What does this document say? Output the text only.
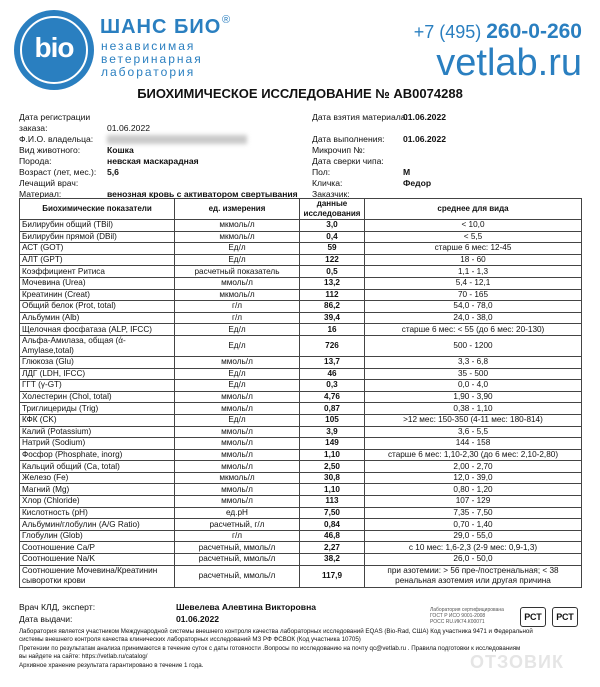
bio
ШАНС БИО ®
независимая
ветеринарная
лаборатория
+7 (495) 260-0-260
vetlab.ru
БИОХИМИЧЕСКОЕ ИССЛЕДОВАНИЕ № АВ0074288
Дата регистрации
заказа:	01.06.2022
Ф.И.О. владельца:
Вид животного:	Кошка
Порода:	невская маскарадная
Возраст (лет, мес.): 5,6
Лечащий врач:
Материал:	венозная кровь с активатором свертывания
Дата взятия материала:
01.06.2022
Дата выполнения: 01.06.2022
Микрочип №:
Дата сверки чипа:
Пол:	М
Кличка:	Федор
Заказчик:
Биохимические показатели	ед. измерения	данные исследования	среднее для вида
Билирубин общий (TBil)	мкмоль/л	3,0	< 10,0
Билирубин прямой (DBil)	мкмоль/л	0,4	< 5,5
АСТ (GOT)	Ед/л	59	старше 6 мес: 12-45
АЛТ (GPT)	Ед/л	122	18 - 60
Коэффициент Ритиса	расчетный показатель	0,5	1,1 - 1,3
Мочевина (Urea)	ммоль/л	13,2	5,4 - 12,1
Креатинин (Creat)	мкмоль/л	112	70 - 165
Общий белок (Prot, total)	г/л	86,2	54,0 - 78,0
Альбумин (Alb)	г/л	39,4	24,0 - 38,0
Щелочная фосфатаза (ALP, IFCC)	Ед/л	16	старше 6 мес: < 55 (до 6 мес: 20-130)
Альфа-Амилаза, общая (ά-Amylase,total)	Ед/л	726	500 - 1200
Глюкоза (Glu)	ммоль/л	13,7	3,3 - 6,8
ЛДГ (LDH, IFCC)	Ед/л	46	35 - 500
ГГТ (γ-GT)	Ед/л	0,3	0,0 - 4,0
Холестерин (Chol, total)	ммоль/л	4,76	1,90 - 3,90
Триглицериды (Trig)	ммоль/л	0,87	0,38 - 1,10
КФК (CK)	Ед/л	105	>12 мес: 150-350 (4-11 мес: 180-814)
Калий (Potassium)	ммоль/л	3,9	3,6 - 5,5
Натрий (Sodium)	ммоль/л	149	144 - 158
Фосфор (Phosphate, inorg)	ммоль/л	1,10	старше 6 мес: 1,10-2,30 (до 6 мес: 2,10-2,80)
Кальций общий (Ca, total)	ммоль/л	2,50	2,00 - 2,70
Железо (Fe)	мкмоль/л	30,8	12,0 - 39,0
Магний (Mg)	ммоль/л	1,10	0,80 - 1,20
Хлор (Chloride)	ммоль/л	113	107 - 129
Кислотность (pH)	ед.pH	7,50	7,35 - 7,50
Альбумин/глобулин (A/G Ratio)	расчетный, г/л	0,84	0,70 - 1,40
Глобулин (Glob)	г/л	46,8	29,0 - 55,0
Соотношение Са/Р	расчетный, ммоль/л	2,27	с 10 мес: 1,6-2,3 (2-9 мес: 0,9-1,3)
Соотношение Na/K	расчетный, ммоль/л	38,2	26,0 - 50,0
Соотношение Мочевина/Креатинин сыворотки крови	расчетный, ммоль/л	117,9	при азотемии: > 56 пре-/постренальная; < 38 ренальная азотемия или другая причина
Врач КЛД, эксперт:	Шевелева Алевтина Викторовна
Дата выдачи:	01.06.2022
Лаборатория сертифицирована
ГОСТ Р ИСО 9001-2008
РОСС RU.ИК74.К00071	РСТ	РСТ
Лаборатория является участником Международной системы внешнего контроля качества лабораторных исследований EQAS (Bio-Rad, США) Код участника 9471 и Федеральной
системы внешнего контроля качества клинических лабораторных исследований МЗ РФ ФСВОК (Код участника 10705)
Претензии по результатам анализа принимаются в течение суток с даты готовности .Вопросы по исследованию на почту qc@vetlab.ru . Правила подготовки к исследованиям
вы найдете на сайте: https://vetlab.ru/catalog/
Архивное хранение результата гарантировано в течение 1 года.	ОТЗОВИК
